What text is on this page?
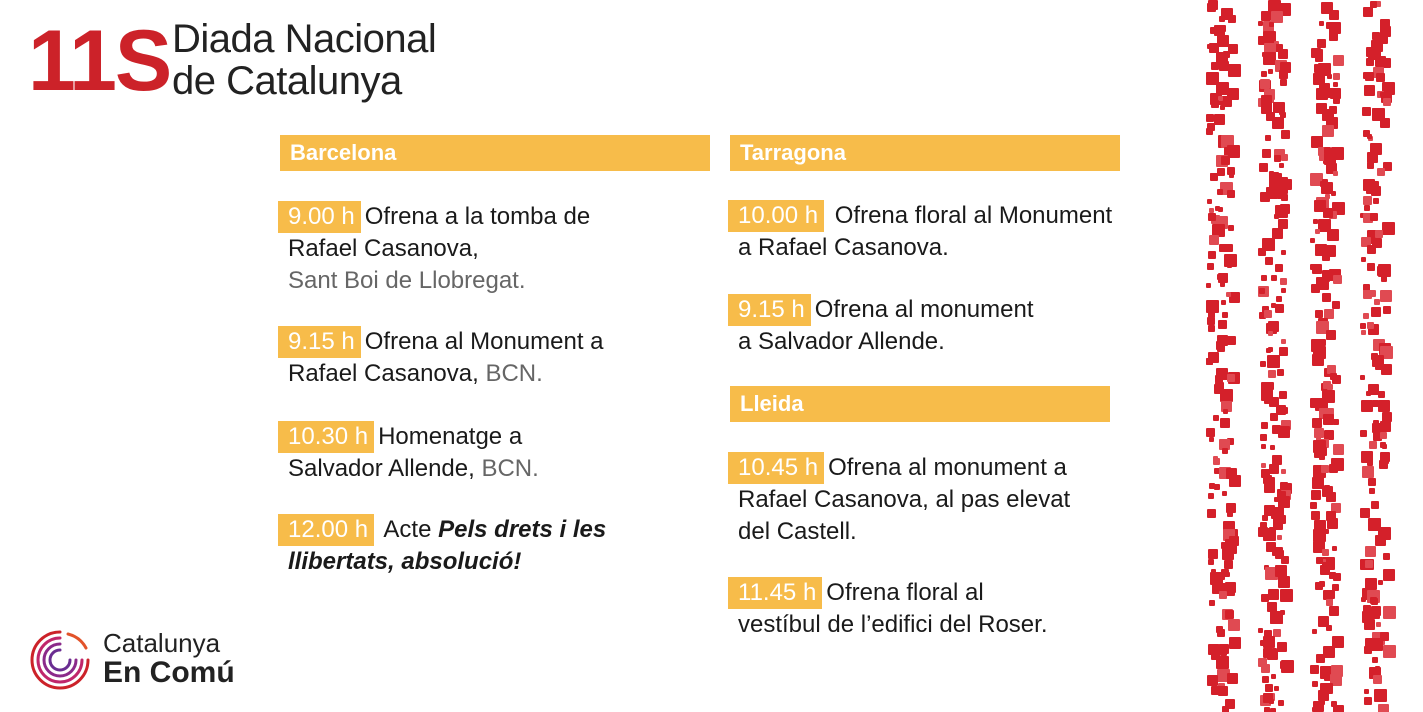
11S Diada Nacional
de Catalunya
Barcelona
9.00 h Ofrena a la tomba de
Rafael Casanova,
Sant Boi de Llobregat.
9.15 h Ofrena al Monument a
Rafael Casanova, BCN.
10.30 h Homenatge a
Salvador Allende, BCN.
12.00 h Acte Pels drets i les
llibertats, absolució!
Tarragona
10.00 h Ofrena floral al Monument
a Rafael Casanova.
9.15 h Ofrena al monument
a Salvador Allende.
Lleida
10.45 h Ofrena al monument a
Rafael Casanova, al pas elevat
del Castell.
11.45 h Ofrena floral al
vestíbul de l’edifici del Roser.
Catalunya
En Comú
